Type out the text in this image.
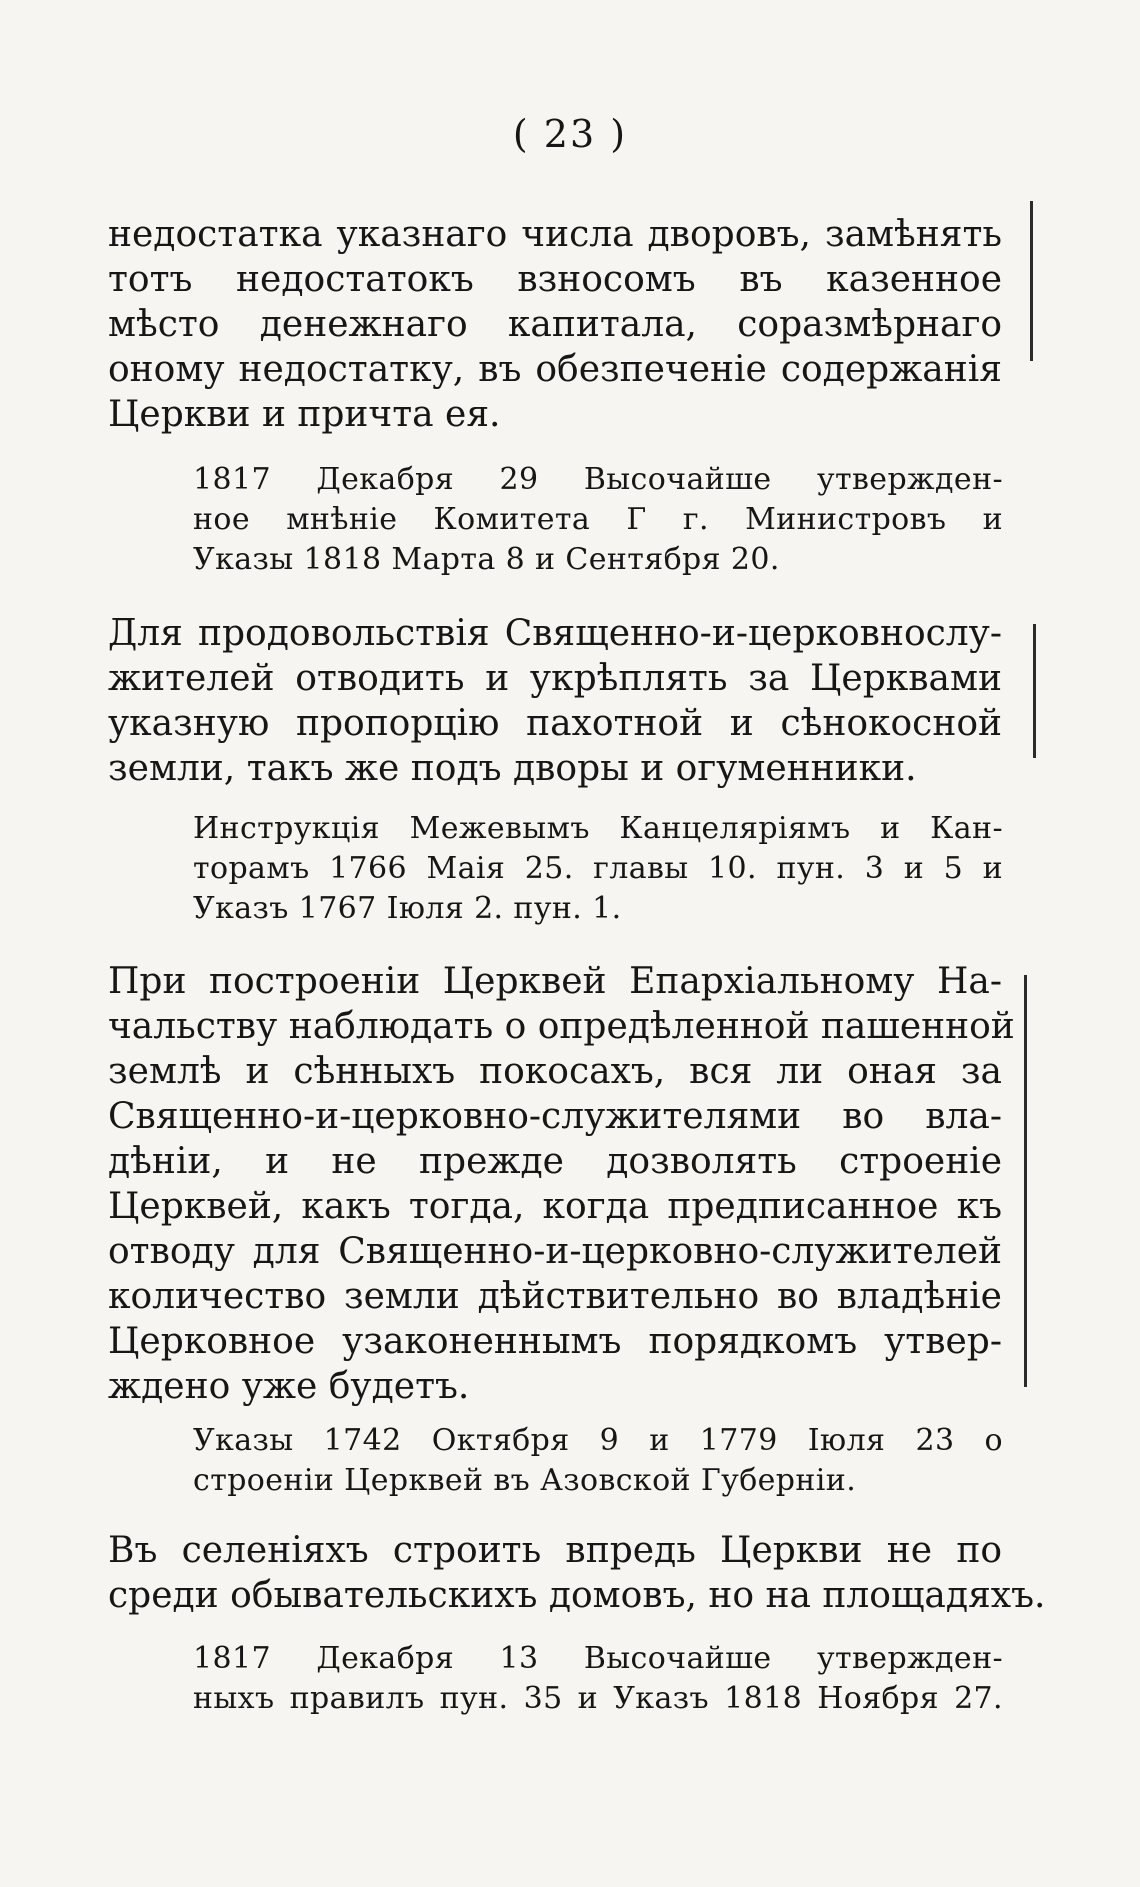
( 23 )
недостатка указнаго числа дворовъ, замѣнять
тотъ недостатокъ взносомъ въ казенное
мѣсто денежнаго капитала, соразмѣрнаго
оному недостатку, въ обезпеченіе содержанія
Церкви и причта ея.
1817 Декабря 29 Высочайше утвержден-
ное мнѣніе Комитета Г г. Министровъ и
Указы 1818 Марта 8 и Сентября 20.
Для продовольствія Священно-и-церковнослу-
жителей отводить и укрѣплять за Церквами
указную пропорцію пахотной и сѣнокосной
земли, такъ же подъ дворы и огуменники.
Инструкція Межевымъ Канцеляріямъ и Кан-
торамъ 1766 Маія 25. главы 10. пун. 3 и 5 и
Указъ 1767 Іюля 2. пун. 1.
При построеніи Церквей Епархіальному На-
чальству наблюдать о опредѣленной пашенной
землѣ и сѣнныхъ покосахъ, вся ли оная за
Священно-и-церковно-служителями во вла-
дѣніи, и не прежде дозволять строеніе
Церквей, какъ тогда, когда предписанное къ
отводу для Священно-и-церковно-служителей
количество земли дѣйствительно во владѣніе
Церковное узаконеннымъ порядкомъ утвер-
ждено уже будетъ.
Указы 1742 Октября 9 и 1779 Іюля 23 о
строеніи Церквей въ Азовской Губерніи.
Въ селеніяхъ строить впредь Церкви не по
среди обывательскихъ домовъ, но на площадяхъ.
1817 Декабря 13 Высочайше утвержден-
ныхъ правилъ пун. 35 и Указъ 1818 Ноября 27.
